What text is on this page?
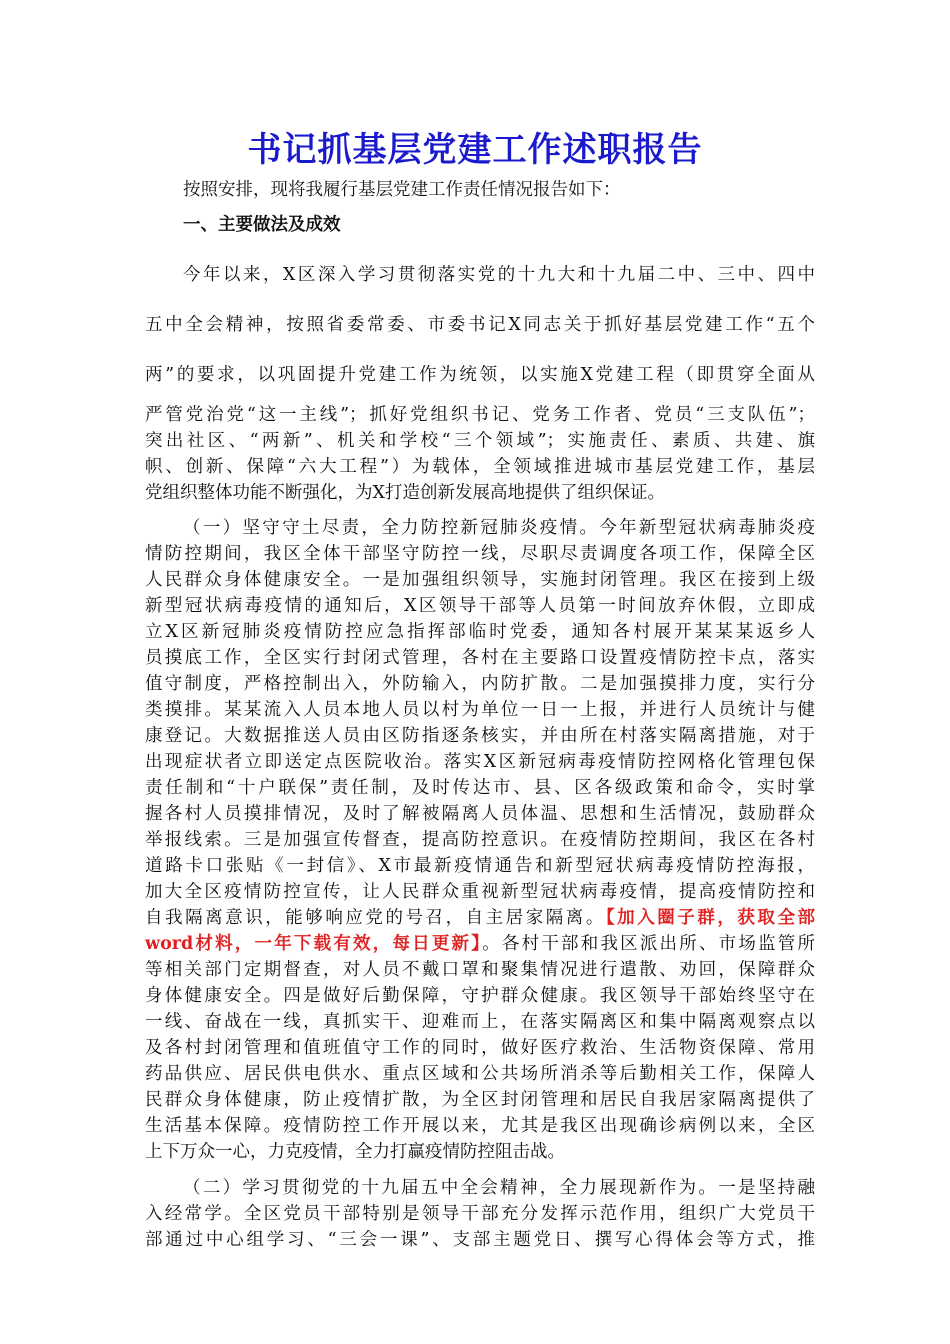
书记抓基层党建工作述职报告
按照安排，现将我履行基层党建工作责任情况报告如下：
一、主要做法及成效
今年以来，X区深入学习贯彻落实党的十九大和十九届二中、三中、四中
五中全会精神，按照省委常委、市委书记X同志关于抓好基层党建工作“五个
两”的要求，以巩固提升党建工作为统领，以实施X党建工程（即贯穿全面从
严管党治党“这一主线”；抓好党组织书记、党务工作者、党员“三支队伍”；
突出社区、“两新”、机关和学校“三个领域”；实施责任、素质、共建、旗
帜、创新、保障“六大工程”）为载体，全领域推进城市基层党建工作，基层
党组织整体功能不断强化，为X打造创新发展高地提供了组织保证。
（一）坚守守土尽责，全力防控新冠肺炎疫情。今年新型冠状病毒肺炎疫
情防控期间，我区全体干部坚守防控一线，尽职尽责调度各项工作，保障全区
人民群众身体健康安全。一是加强组织领导，实施封闭管理。我区在接到上级
新型冠状病毒疫情的通知后，X区领导干部等人员第一时间放弃休假，立即成
立X区新冠肺炎疫情防控应急指挥部临时党委，通知各村展开某某某返乡人
员摸底工作，全区实行封闭式管理，各村在主要路口设置疫情防控卡点，落实
值守制度，严格控制出入，外防输入，内防扩散。二是加强摸排力度，实行分
类摸排。某某流入人员本地人员以村为单位一日一上报，并进行人员统计与健
康登记。大数据推送人员由区防指逐条核实，并由所在村落实隔离措施，对于
出现症状者立即送定点医院收治。落实X区新冠病毒疫情防控网格化管理包保
责任制和“十户联保”责任制，及时传达市、县、区各级政策和命令，实时掌
握各村人员摸排情况，及时了解被隔离人员体温、思想和生活情况，鼓励群众
举报线索。三是加强宣传督查，提高防控意识。在疫情防控期间，我区在各村
道路卡口张贴《一封信》、X市最新疫情通告和新型冠状病毒疫情防控海报，
加大全区疫情防控宣传，让人民群众重视新型冠状病毒疫情，提高疫情防控和
自我隔离意识，能够响应党的号召，自主居家隔离。【加入圈子群，获取全部
word材料，一年下载有效，每日更新】。各村干部和我区派出所、市场监管所
等相关部门定期督查，对人员不戴口罩和聚集情况进行遣散、劝回，保障群众
身体健康安全。四是做好后勤保障，守护群众健康。我区领导干部始终坚守在
一线、奋战在一线，真抓实干、迎难而上，在落实隔离区和集中隔离观察点以
及各村封闭管理和值班值守工作的同时，做好医疗救治、生活物资保障、常用
药品供应、居民供电供水、重点区域和公共场所消杀等后勤相关工作，保障人
民群众身体健康，防止疫情扩散，为全区封闭管理和居民自我居家隔离提供了
生活基本保障。疫情防控工作开展以来，尤其是我区出现确诊病例以来，全区
上下万众一心，力克疫情，全力打赢疫情防控阻击战。
（二）学习贯彻党的十九届五中全会精神，全力展现新作为。一是坚持融
入经常学。全区党员干部特别是领导干部充分发挥示范作用，组织广大党员干
部通过中心组学习、“三会一课”、支部主题党日、撰写心得体会等方式，推
